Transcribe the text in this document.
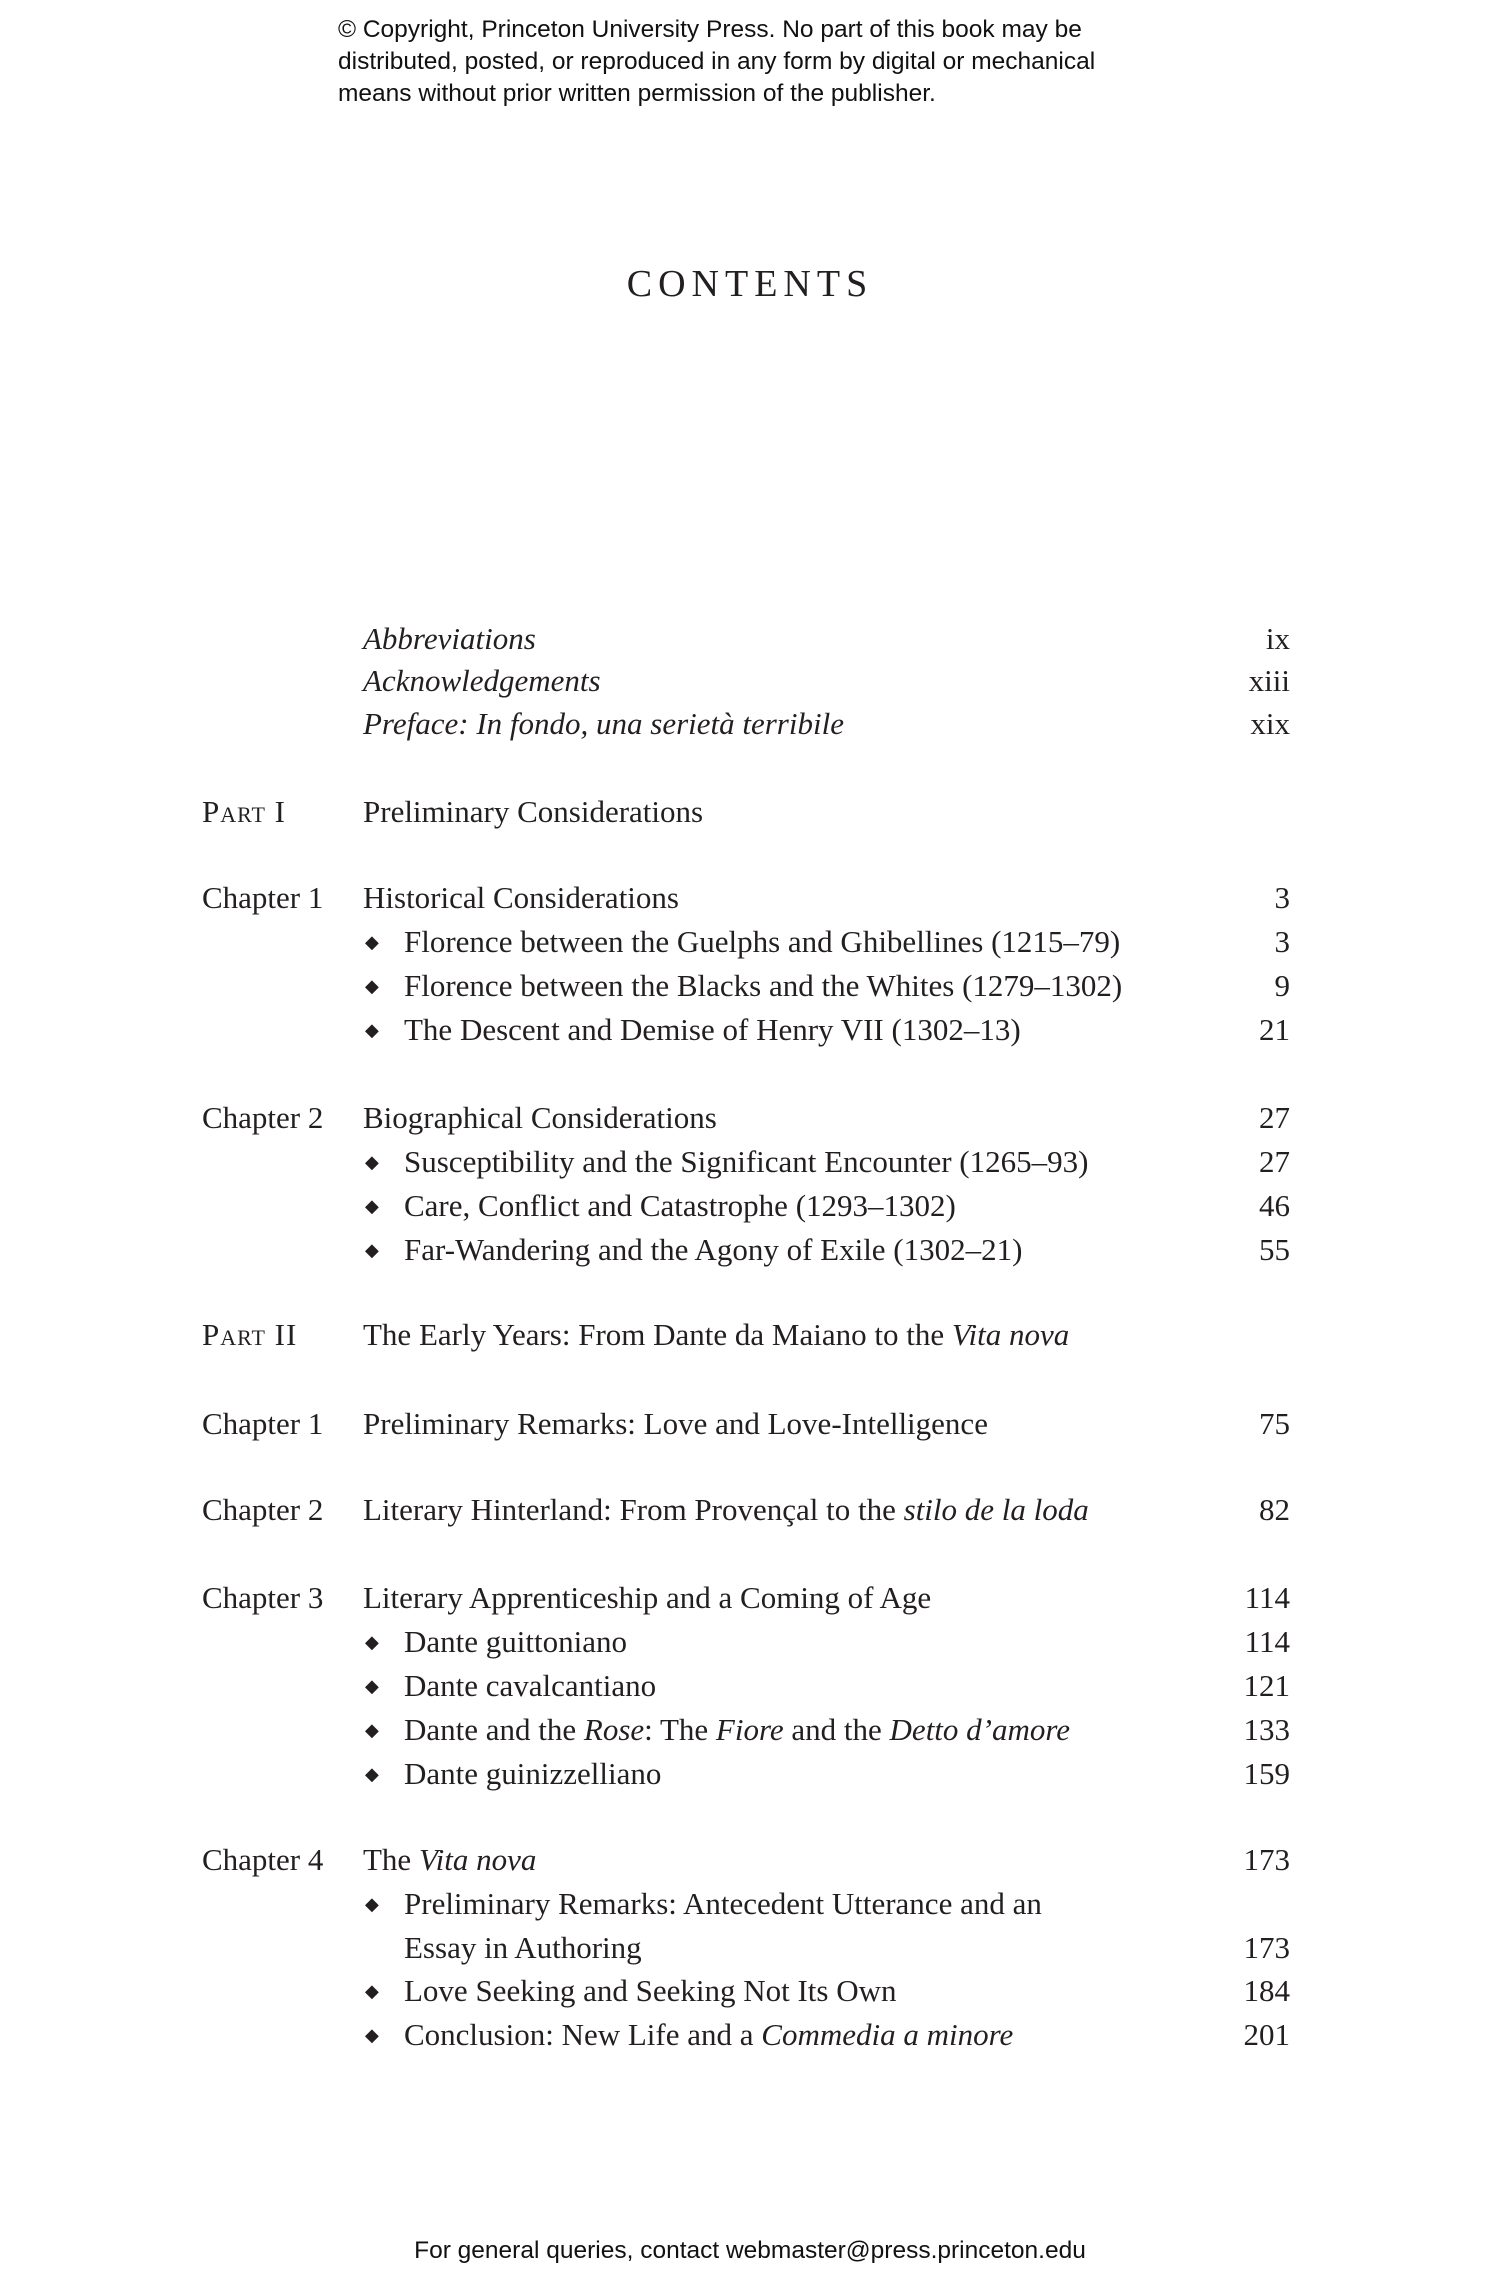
© Copyright, Princeton University Press. No part of this book may be
distributed, posted, or reproduced in any form by digital or mechanical
means without prior written permission of the publisher.
CONTENTS
Abbreviations	ix
Acknowledgements	xiii
Preface: In fondo, una serietà terribile	xix
Part I Preliminary Considerations
Chapter 1 Historical Considerations	3
◆ Florence between the Guelphs and Ghibellines (1215–79)	3
◆ Florence between the Blacks and the Whites (1279–1302)	9
◆ The Descent and Demise of Henry VII (1302–13)	21
Chapter 2 Biographical Considerations	27
◆ Susceptibility and the Significant Encounter (1265–93)	27
◆ Care, Conflict and Catastrophe (1293–1302)	46
◆ Far-Wandering and the Agony of Exile (1302–21)	55
Part II The Early Years: From Dante da Maiano to the Vita nova
Chapter 1 Preliminary Remarks: Love and Love-Intelligence	75
Chapter 2 Literary Hinterland: From Provençal to the stilo de la loda	82
Chapter 3 Literary Apprenticeship and a Coming of Age	114
◆ Dante guittoniano	114
◆ Dante cavalcantiano	121
◆ Dante and the Rose: The Fiore and the Detto d’amore	133
◆ Dante guinizzelliano	159
Chapter 4 The Vita nova	173
◆ Preliminary Remarks: Antecedent Utterance and an
Essay in Authoring	173
◆ Love Seeking and Seeking Not Its Own	184
◆ Conclusion: New Life and a Commedia a minore	201
For general queries, contact webmaster@press.princeton.edu
